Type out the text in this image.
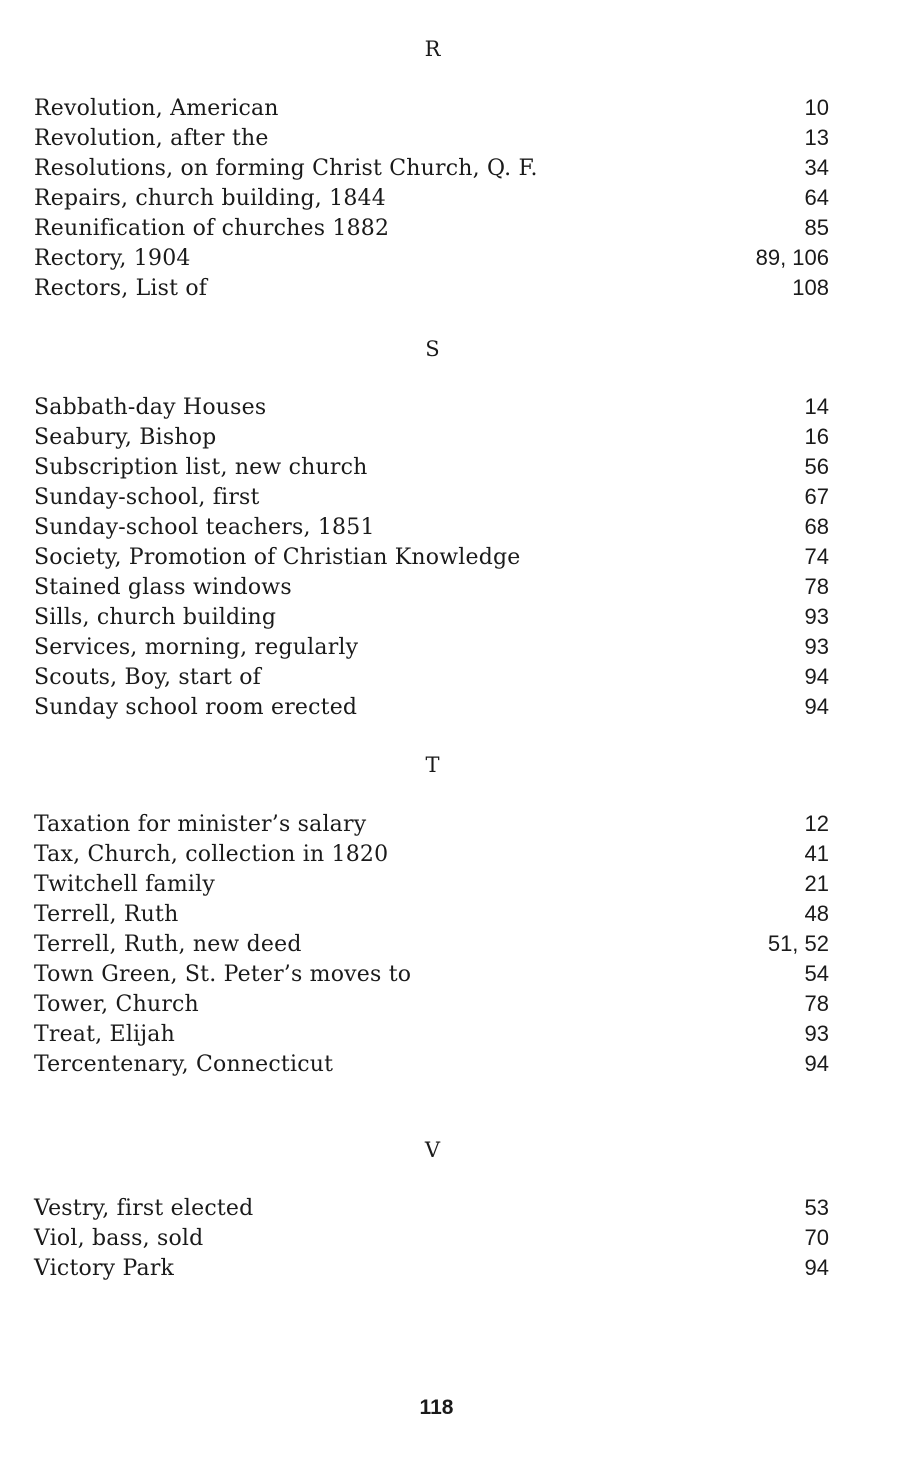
R
Revolution, American	10
Revolution, after the	13
Resolutions, on forming Christ Church, Q. F.	34
Repairs, church building, 1844	64
Reunification of churches 1882	85
Rectory, 1904	89, 106
Rectors, List of	108
S
Sabbath-day Houses	14
Seabury, Bishop	16
Subscription list, new church	56
Sunday-school, first	67
Sunday-school teachers, 1851	68
Society, Promotion of Christian Knowledge	74
Stained glass windows	78
Sills, church building	93
Services, morning, regularly	93
Scouts, Boy, start of	94
Sunday school room erected	94
T
Taxation for minister’s salary	12
Tax, Church, collection in 1820	41
Twitchell family	21
Terrell, Ruth	48
Terrell, Ruth, new deed	51, 52
Town Green, St. Peter’s moves to	54
Tower, Church	78
Treat, Elijah	93
Tercentenary, Connecticut	94
V
Vestry, first elected	53
Viol, bass, sold	70
Victory Park	94
118
